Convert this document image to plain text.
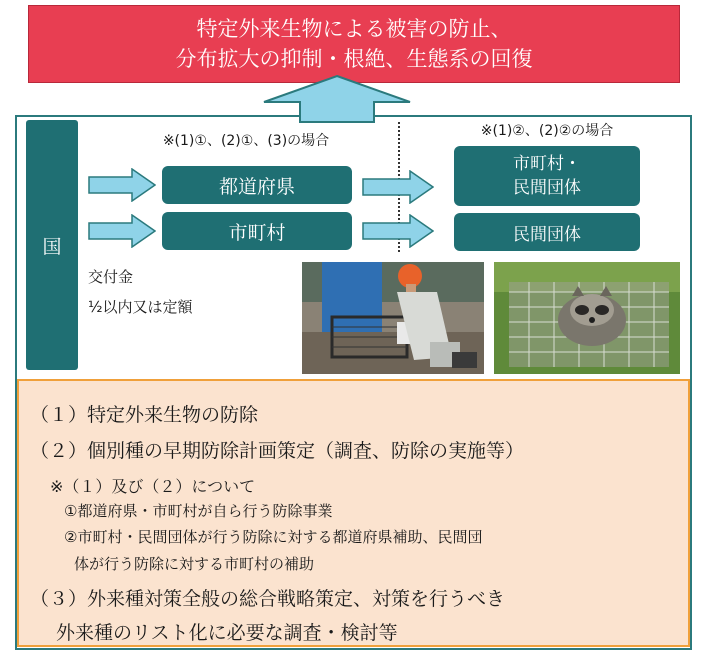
特定外来生物による被害の防止、
分布拡大の抑制・根絶、生態系の回復
国
※(1)①、(2)①、(3)の場合
※(1)②、(2)②の場合
都道府県
市町村
市町村・
民間団体
民間団体
交付金
½以内又は定額
（１）特定外来生物の防除
（２）個別種の早期防除計画策定（調査、防除の実施等）
※（１）及び（２）について
①都道府県・市町村が自ら行う防除事業
②市町村・民間団体が行う防除に対する都道府県補助、民間団
体が行う防除に対する市町村の補助
（３）外来種対策全般の総合戦略策定、対策を行うべき
外来種のリスト化に必要な調査・検討等
